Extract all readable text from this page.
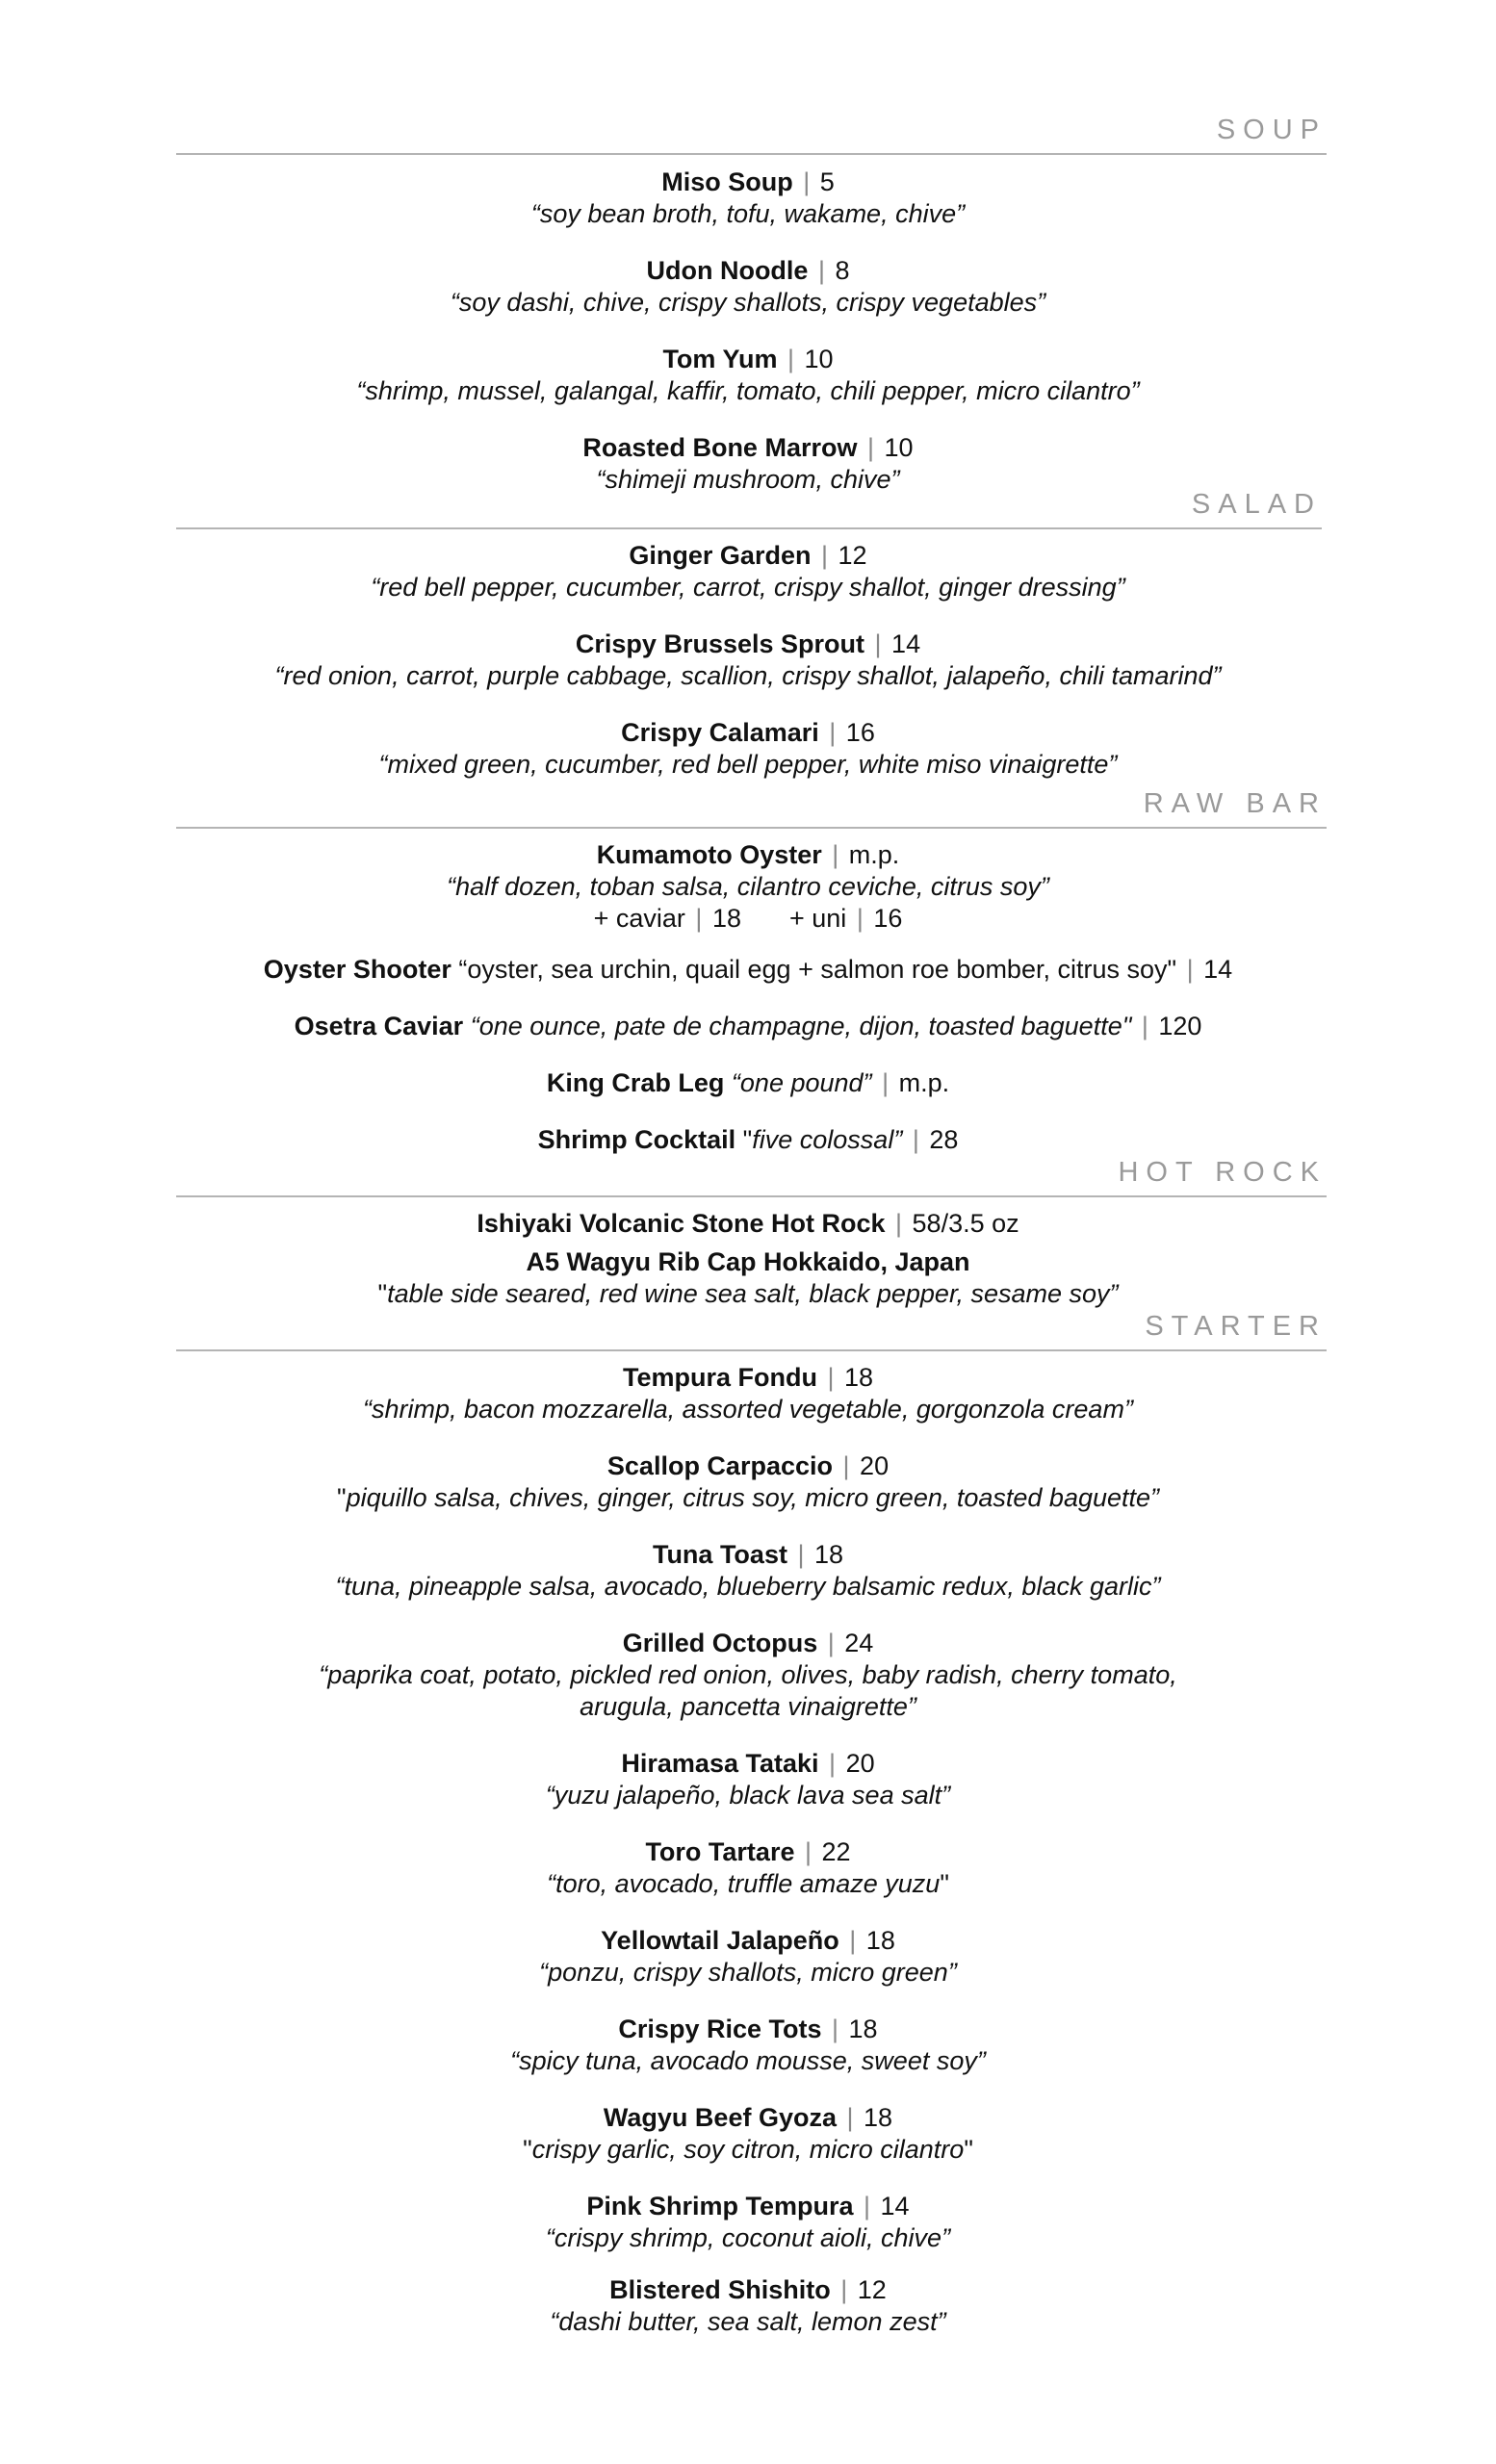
SOUP
Miso Soup | 5
“soy bean broth, tofu, wakame, chive”
Udon Noodle | 8
“soy dashi, chive, crispy shallots, crispy vegetables”
Tom Yum | 10
“shrimp, mussel, galangal, kaffir, tomato, chili pepper, micro cilantro”
Roasted Bone Marrow | 10
“shimeji mushroom, chive”
SALAD
Ginger Garden | 12
“red bell pepper, cucumber, carrot, crispy shallot, ginger dressing”
Crispy Brussels Sprout | 14
“red onion, carrot, purple cabbage, scallion, crispy shallot, jalapeño, chili tamarind”
Crispy Calamari | 16
“mixed green, cucumber, red bell pepper, white miso vinaigrette”
RAW BAR
Kumamoto Oyster | m.p.
“half dozen, toban salsa, cilantro ceviche, citrus soy”
+ caviar | 18 + uni | 16
Oyster Shooter “oyster, sea urchin, quail egg + salmon roe bomber, citrus soy" | 14
Osetra Caviar “one ounce, pate de champagne, dijon, toasted baguette" | 120
King Crab Leg “one pound” | m.p.
Shrimp Cocktail "five colossal” | 28
HOT ROCK
Ishiyaki Volcanic Stone Hot Rock | 58/3.5 oz
A5 Wagyu Rib Cap Hokkaido, Japan
"table side seared, red wine sea salt, black pepper, sesame soy”
STARTER
Tempura Fondu | 18
“shrimp, bacon mozzarella, assorted vegetable, gorgonzola cream”
Scallop Carpaccio | 20
"piquillo salsa, chives, ginger, citrus soy, micro green, toasted baguette”
Tuna Toast | 18
“tuna, pineapple salsa, avocado, blueberry balsamic redux, black garlic”
Grilled Octopus | 24
“paprika coat, potato, pickled red onion, olives, baby radish, cherry tomato,
arugula, pancetta vinaigrette”
Hiramasa Tataki | 20
“yuzu jalapeño, black lava sea salt”
Toro Tartare | 22
“toro, avocado, truffle amaze yuzu"
Yellowtail Jalapeño | 18
“ponzu, crispy shallots, micro green”
Crispy Rice Tots | 18
“spicy tuna, avocado mousse, sweet soy”
Wagyu Beef Gyoza | 18
"crispy garlic, soy citron, micro cilantro"
Pink Shrimp Tempura | 14
“crispy shrimp, coconut aioli, chive”
Blistered Shishito | 12
“dashi butter, sea salt, lemon zest”
